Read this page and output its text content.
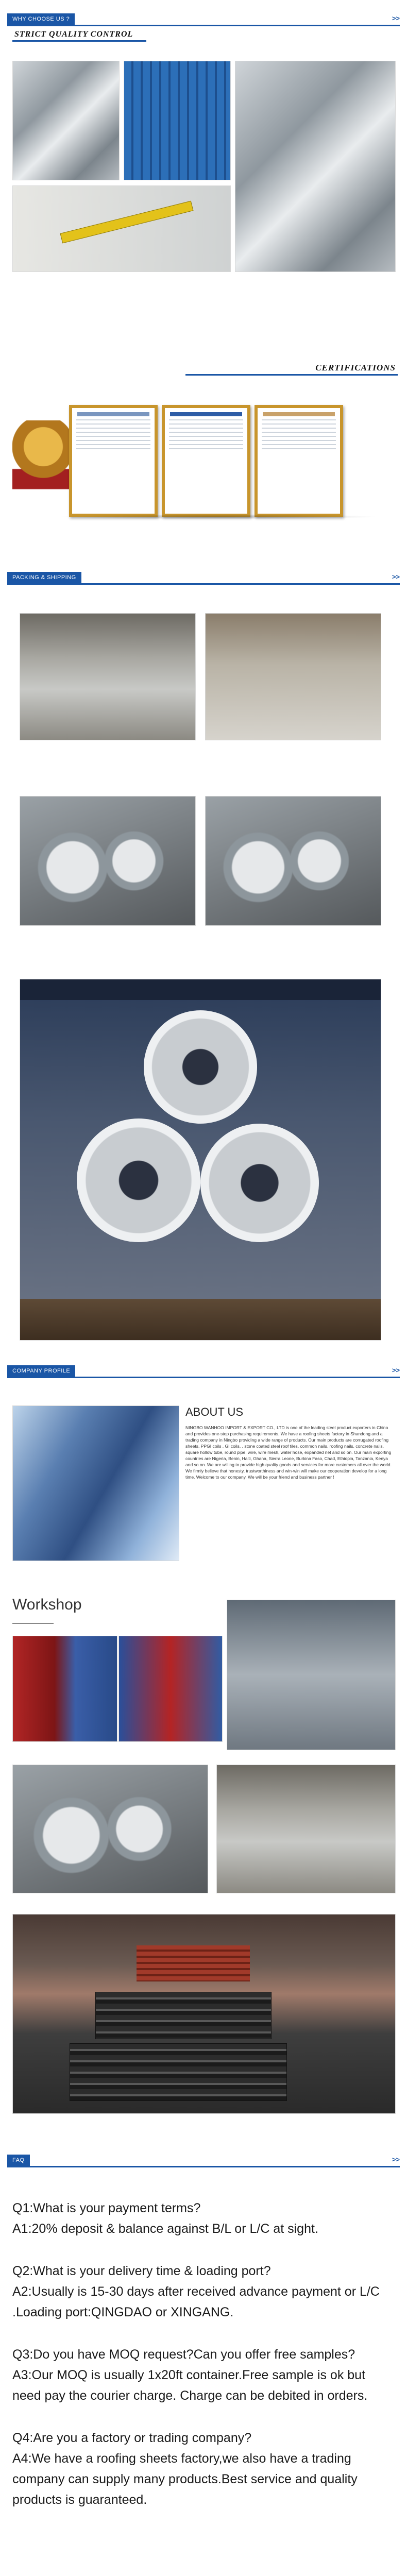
WHY CHOOSE US ?	>>
STRICT QUALITY CONTROL
CERTIFICATIONS
PACKING & SHIPPING	>>
COMPANY PROFILE	>>
ABOUT US
NINGBO WANHOO IMPORT & EXPORT CO., LTD is one of the leading steel product exporters in China and provides one-stop purchasing requirements. We have a roofing sheets factory in Shandong and a trading company in Ningbo providing a wide range of products. Our main products are corrugated roofing sheets, PPGI coils , GI coils, , stone coated steel roof tiles, common nails, roofing nails, concrete nails, square hollow tube, round pipe, wire, wire mesh, water hose, expanded net and so on. Our main exporting countries are Nigeria, Benin, Haiti, Ghana, Sierra Leone, Burkina Faso, Chad, Ethiopia, Tanzania, Kenya and so on. We are willing to provide high quality goods and services for more customers all over the world. We firmly believe that honesty, trustworthiness and win-win will make our cooperation develop for a long time. Welcome to our company. We will be your friend and business partner !
Workshop
FAQ	>>
Q1:What is your payment terms?
A1:20% deposit & balance against B/L or L/C at sight.
Q2:What is your delivery time & loading port?
A2:Usually is 15-30 days after received advance payment or L/C .Loading port:QINGDAO or XINGANG.
Q3:Do you have MOQ request?Can you offer free samples?
A3:Our MOQ is usually 1x20ft container.Free sample is ok but need pay the courier charge. Charge can be debited in orders.
Q4:Are you a factory or trading company?
A4:We have a roofing sheets factory,we also have a trading company can supply many products.Best service and quality products is guaranteed.
